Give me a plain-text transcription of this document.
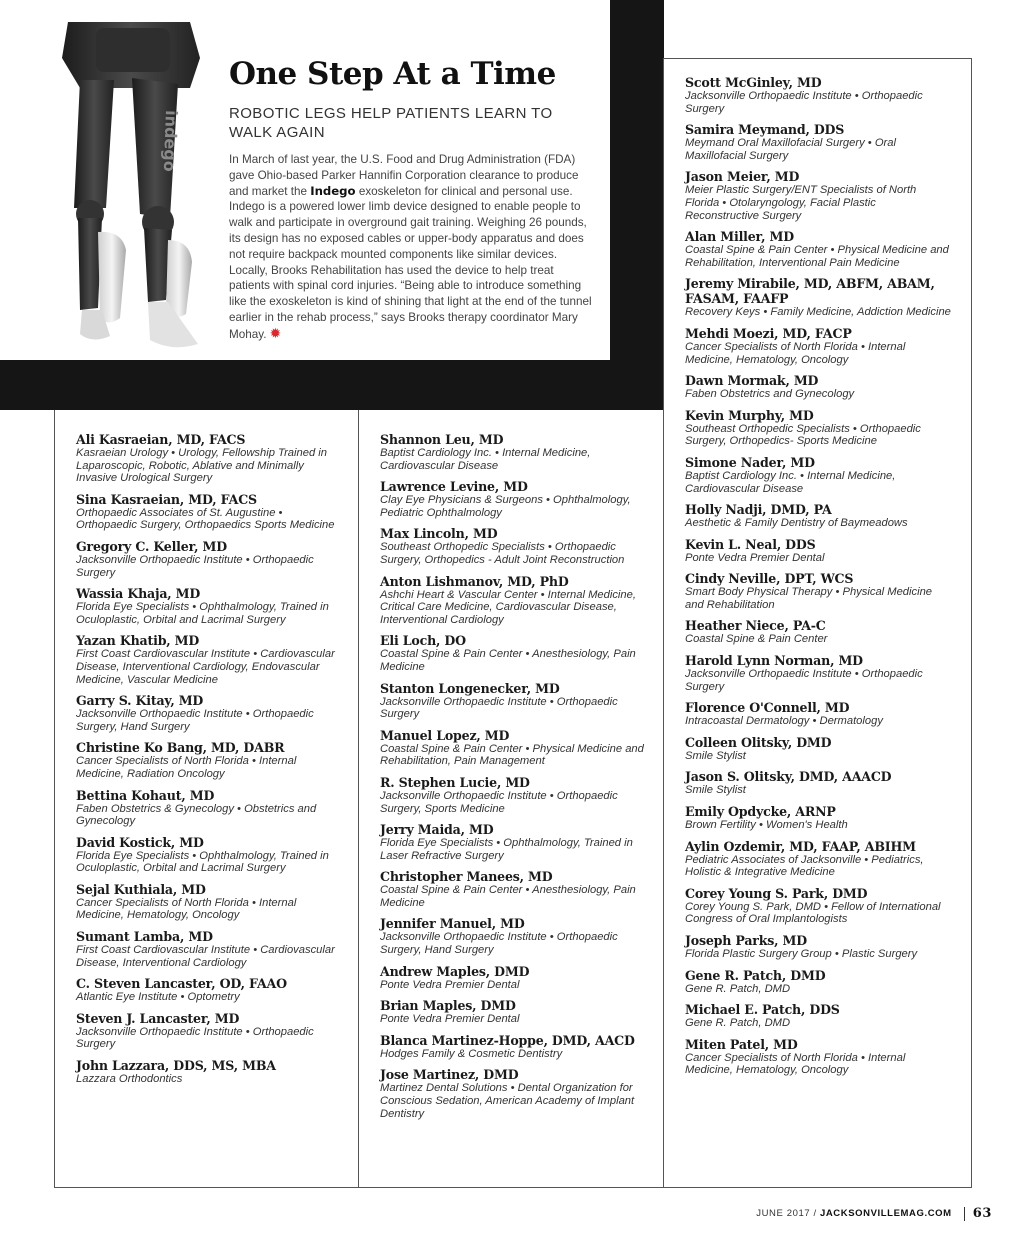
indego
One Step At a Time
ROBOTIC LEGS HELP PATIENTS LEARN TO WALK AGAIN

In March of last year, the U.S. Food and Drug Administration (FDA) gave Ohio-based Parker Hannifin Corporation clearance to produce and market the Indego exoskeleton for clinical and personal use. Indego is a powered lower limb device designed to enable people to walk and participate in overground gait training. Weighing 26 pounds, its design has no exposed cables or upper-body apparatus and does not require backpack mounted components like similar devices. Locally, Brooks Rehabilitation has used the device to help treat patients with spinal cord injuries. “Being able to introduce something like the exoskeleton is kind of shining that light at the end of the tunnel earlier in the rehab process,” says Brooks therapy coordinator Mary Mohay. ✹

Ali Kasraeian, MD, FACS
Kasraeian Urology • Urology, Fellowship Trained in Laparoscopic, Robotic, Ablative and Minimally Invasive Urological Surgery
Sina Kasraeian, MD, FACS
Orthopaedic Associates of St. Augustine • Orthopaedic Surgery, Orthopaedics Sports Medicine
Gregory C. Keller, MD
Jacksonville Orthopaedic Institute • Orthopaedic Surgery
Wassia Khaja, MD
Florida Eye Specialists • Ophthalmology, Trained in Oculoplastic, Orbital and Lacrimal Surgery
Yazan Khatib, MD
First Coast Cardiovascular Institute • Cardiovascular Disease, Interventional Cardiology, Endovascular Medicine, Vascular Medicine
Garry S. Kitay, MD
Jacksonville Orthopaedic Institute • Orthopaedic Surgery, Hand Surgery
Christine Ko Bang, MD, DABR
Cancer Specialists of North Florida • Internal Medicine, Radiation Oncology
Bettina Kohaut, MD
Faben Obstetrics & Gynecology • Obstetrics and Gynecology
David Kostick, MD
Florida Eye Specialists • Ophthalmology, Trained in Oculoplastic, Orbital and Lacrimal Surgery
Sejal Kuthiala, MD
Cancer Specialists of North Florida • Internal Medicine, Hematology, Oncology
Sumant Lamba, MD
First Coast Cardiovascular Institute • Cardiovascular Disease, Interventional Cardiology
C. Steven Lancaster, OD, FAAO
Atlantic Eye Institute • Optometry
Steven J. Lancaster, MD
Jacksonville Orthopaedic Institute • Orthopaedic Surgery
John Lazzara, DDS, MS, MBA
Lazzara Orthodontics
Shannon Leu, MD
Baptist Cardiology Inc. • Internal Medicine, Cardiovascular Disease
Lawrence Levine, MD
Clay Eye Physicians & Surgeons • Ophthalmology, Pediatric Ophthalmology
Max Lincoln, MD
Southeast Orthopedic Specialists • Orthopaedic Surgery, Orthopedics - Adult Joint Reconstruction
Anton Lishmanov, MD, PhD
Ashchi Heart & Vascular Center • Internal Medicine, Critical Care Medicine, Cardiovascular Disease, Interventional Cardiology
Eli Loch, DO
Coastal Spine & Pain Center • Anesthesiology, Pain Medicine
Stanton Longenecker, MD
Jacksonville Orthopaedic Institute • Orthopaedic Surgery
Manuel Lopez, MD
Coastal Spine & Pain Center • Physical Medicine and Rehabilitation, Pain Management
R. Stephen Lucie, MD
Jacksonville Orthopaedic Institute • Orthopaedic Surgery, Sports Medicine
Jerry Maida, MD
Florida Eye Specialists • Ophthalmology, Trained in Laser Refractive Surgery
Christopher Manees, MD
Coastal Spine & Pain Center • Anesthesiology, Pain Medicine
Jennifer Manuel, MD
Jacksonville Orthopaedic Institute • Orthopaedic Surgery, Hand Surgery
Andrew Maples, DMD
Ponte Vedra Premier Dental
Brian Maples, DMD
Ponte Vedra Premier Dental
Blanca Martinez-Hoppe, DMD, AACD
Hodges Family & Cosmetic Dentistry
Jose Martinez, DMD
Martinez Dental Solutions • Dental Organization for Conscious Sedation, American Academy of Implant Dentistry
Scott McGinley, MD
Jacksonville Orthopaedic Institute • Orthopaedic Surgery
Samira Meymand, DDS
Meymand Oral Maxillofacial Surgery • Oral Maxillofacial Surgery
Jason Meier, MD
Meier Plastic Surgery/ENT Specialists of North Florida • Otolaryngology, Facial Plastic Reconstructive Surgery
Alan Miller, MD
Coastal Spine & Pain Center • Physical Medicine and Rehabilitation, Interventional Pain Medicine
Jeremy Mirabile, MD, ABFM, ABAM, FASAM, FAAFP
Recovery Keys • Family Medicine, Addiction Medicine
Mehdi Moezi, MD, FACP
Cancer Specialists of North Florida • Internal Medicine, Hematology, Oncology
Dawn Mormak, MD
Faben Obstetrics and Gynecology
Kevin Murphy, MD
Southeast Orthopedic Specialists • Orthopaedic Surgery, Orthopedics- Sports Medicine
Simone Nader, MD
Baptist Cardiology Inc. • Internal Medicine, Cardiovascular Disease
Holly Nadji, DMD, PA
Aesthetic & Family Dentistry of Baymeadows
Kevin L. Neal, DDS
Ponte Vedra Premier Dental
Cindy Neville, DPT, WCS
Smart Body Physical Therapy • Physical Medicine and Rehabilitation
Heather Niece, PA-C
Coastal Spine & Pain Center
Harold Lynn Norman, MD
Jacksonville Orthopaedic Institute • Orthopaedic Surgery
Florence O'Connell, MD
Intracoastal Dermatology • Dermatology
Colleen Olitsky, DMD
Smile Stylist
Jason S. Olitsky, DMD, AAACD
Smile Stylist
Emily Opdycke, ARNP
Brown Fertility • Women's Health
Aylin Ozdemir, MD, FAAP, ABIHM
Pediatric Associates of Jacksonville • Pediatrics, Holistic & Integrative Medicine
Corey Young S. Park, DMD
Corey Young S. Park, DMD • Fellow of International Congress of Oral Implantologists
Joseph Parks, MD
Florida Plastic Surgery Group • Plastic Surgery
Gene R. Patch, DMD
Gene R. Patch, DMD
Michael E. Patch, DDS
Gene R. Patch, DMD
Miten Patel, MD
Cancer Specialists of North Florida • Internal Medicine, Hematology, Oncology
JUNE 2017 / JACKSONVILLEMAG.COM 63
